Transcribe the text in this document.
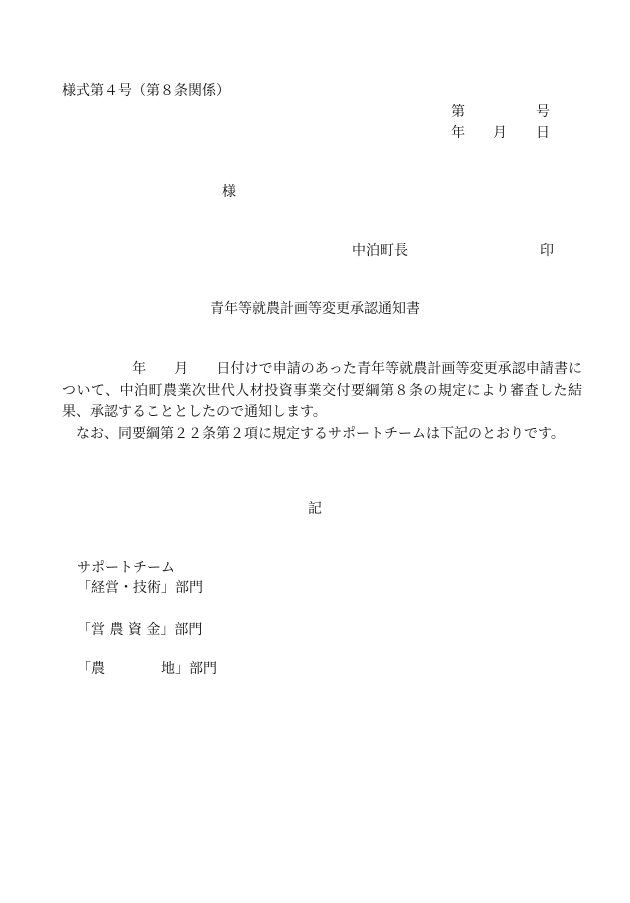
様式第４号（第８条関係）
第	号
年 月 日
様
中泊町長	印
青年等就農計画等変更承認通知書

年 月 日付けで申請のあった青年等就農計画等変更承認申請書について、中泊町農業次世代人材投資事業交付要綱第８条の規定により審査した結果、承認することとしたので通知します。

なお、同要綱第２２条第２項に規定するサポートチームは下記のとおりです。

記
サポートチーム
「経営・技術」部門
「営 農 資 金」部門
「農	地」部門
